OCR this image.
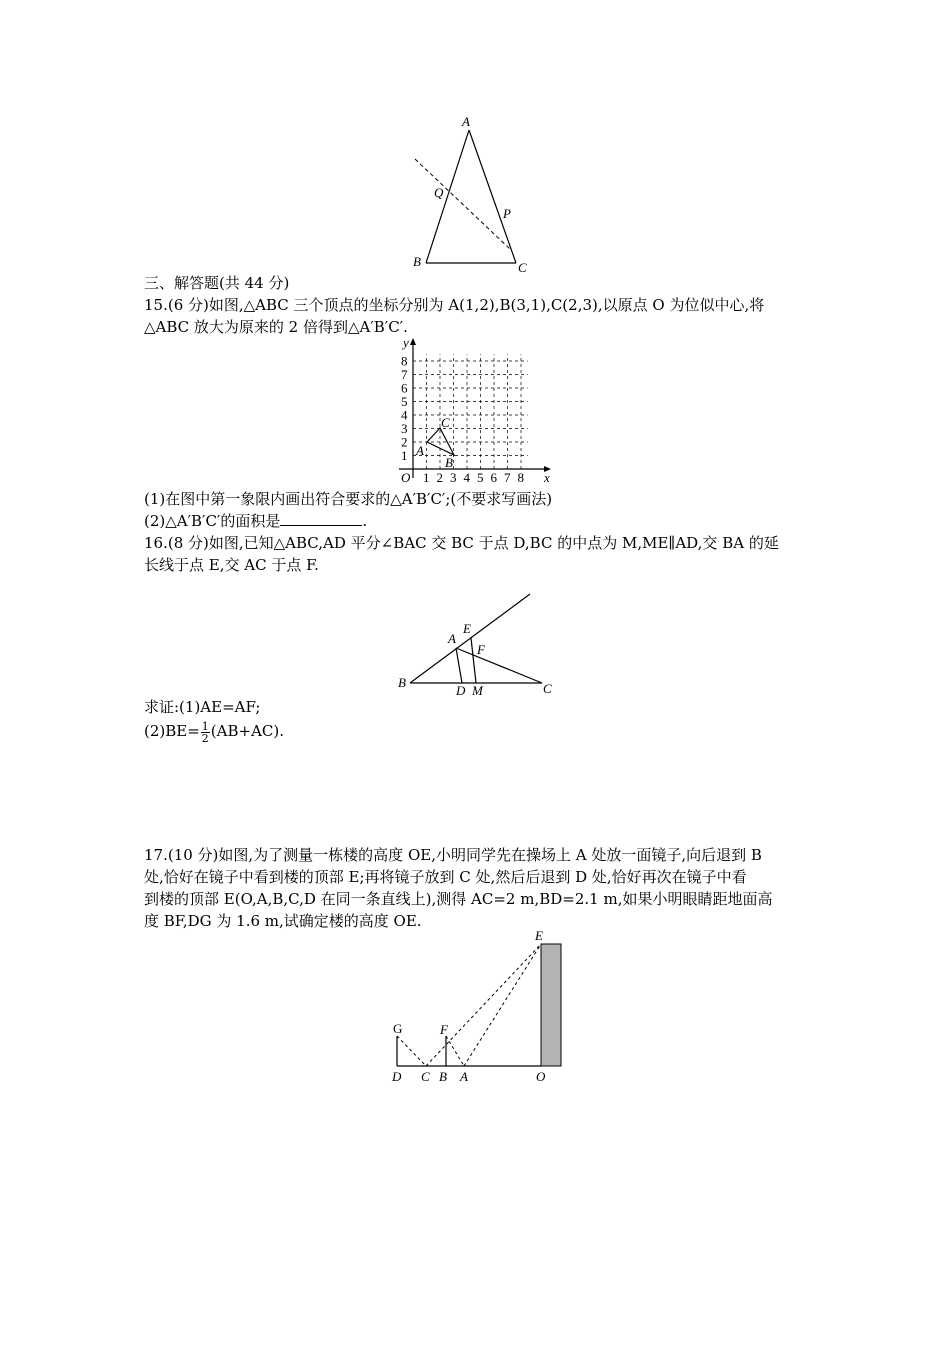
A
Q
P
B	C
三、解答题(共 44 分)
15.(6 分)如图,△ABC 三个顶点的坐标分别为 A(1,2),B(3,1),C(2,3),以原点 O 为位似中心,将
△ABC 放大为原来的 2 倍得到△A′B′C′.
1 2 3 4 5 6 7 8
1
2
3
4
5
6
7
8
y
x
O
A
B
C
(1)在图中第一象限内画出符合要求的△A′B′C′;(不要求写画法)
(2)△A′B′C′的面积是	.
16.(8 分)如图,已知△ABC,AD 平分∠BAC 交 BC 于点 D,BC 的中点为 M,ME∥AD,交 BA 的延
长线于点 E,交 AC 于点 F.
A
E
F
B
D M	C
求证:(1)AE=AF;
$(2)BE= \frac{1}{2} (AB+AC)$.
17.(10 分)如图,为了测量一栋楼的高度 OE,小明同学先在操场上 A 处放一面镜子,向后退到 B
处,恰好在镜子中看到楼的顶部 E;再将镜子放到 C 处,然后后退到 D 处,恰好再次在镜子中看
到楼的顶部 E(O,A,B,C,D 在同一条直线上),测得 AC=2 m,BD=2.1 m,如果小明眼睛距地面高
度 BF,DG 为 1.6 m,试确定楼的高度 OE.
E
G	F
D C B A	O
